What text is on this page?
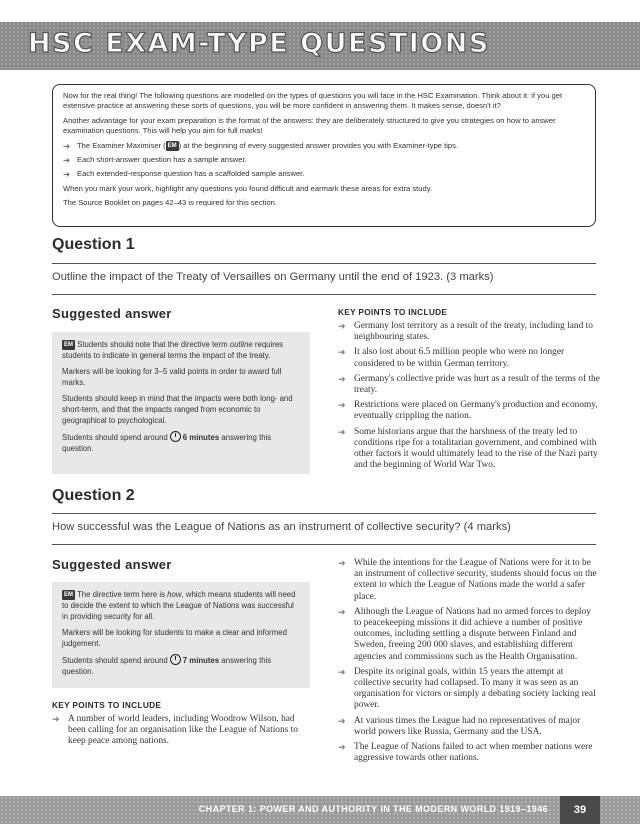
HSC EXAM-TYPE QUESTIONS

Now for the real thing! The following questions are modelled on the types of questions you will face in the HSC Examination. Think about it: if you get extensive practice at answering these sorts of questions, you will be more confident in answering them. It makes sense, doesn't it?

Another advantage for your exam preparation is the format of the answers: they are deliberately structured to give you strategies on how to answer examination questions. This will help you aim for full marks!

➔ The Examiner Maximiser ( EM ) at the beginning of every suggested answer provides you with Examiner-type tips.
➔ Each short-answer question has a sample answer.
➔ Each extended-response question has a scaffolded sample answer.

When you mark your work, highlight any questions you found difficult and earmark these areas for extra study.

The Source Booklet on pages 42–43 is required for this section.

Question 1
Outline the impact of the Treaty of Versailles on Germany until the end of 1923. (3 marks)
Suggested answer

EM Students should note that the directive term outline requires students to indicate in general terms the impact of the treaty.

Markers will be looking for 3–5 valid points in order to award full marks.

Students should keep in mind that the impacts were both long- and short-term, and that the impacts ranged from economic to geographical to psychological.

Students should spend around 6 minutes answering this question.

KEY POINTS TO INCLUDE
➔ Germany lost territory as a result of the treaty, including land to neighbouring states.
➔ It also lost about 6.5 million people who were no longer considered to be within German territory.
➔ Germany's collective pride was hurt as a result of the terms of the treaty.
➔ Restrictions were placed on Germany's production and economy, eventually crippling the nation.
➔ Some historians argue that the harshness of the treaty led to conditions ripe for a totalitarian government, and combined with other factors it would ultimately lead to the rise of the Nazi party and the beginning of World War Two.
Question 2
How successful was the League of Nations as an instrument of collective security? (4 marks)
Suggested answer

EM The directive term here is how, which means students will need to decide the extent to which the League of Nations was successful in providing security for all.

Markers will be looking for students to make a clear and informed judgement.

Students should spend around 7 minutes answering this question.

KEY POINTS TO INCLUDE
➔ A number of world leaders, including Woodrow Wilson, had been calling for an organisation like the League of Nations to keep peace among nations.
➔ While the intentions for the League of Nations were for it to be an instrument of collective security, students should focus on the extent to which the League of Nations made the world a safer place.
➔ Although the League of Nations had no armed forces to deploy to peacekeeping missions it did achieve a number of positive outcomes, including settling a dispute between Finland and Sweden, freeing 200 000 slaves, and establishing different agencies and commissions such as the Health Organisation.
➔ Despite its original goals, within 15 years the attempt at collective security had collapsed. To many it was seen as an organisation for victors or simply a debating society lacking real power.
➔ At various times the League had no representatives of major world powers like Russia, Germany and the USA.
➔ The League of Nations failed to act when member nations were aggressive towards other nations.
CHAPTER 1: POWER AND AUTHORITY IN THE MODERN WORLD 1919–1946	39
